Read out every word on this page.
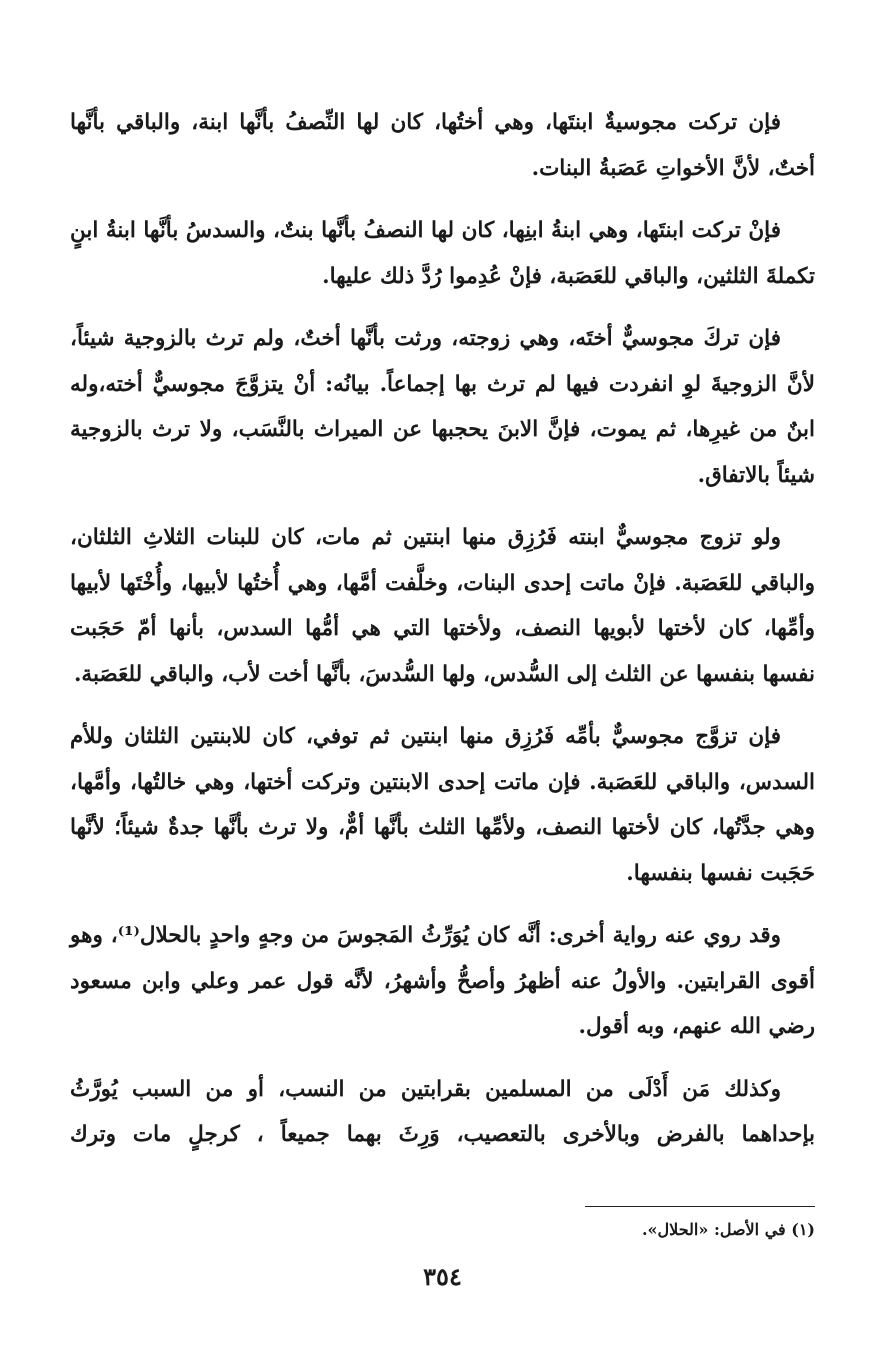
فإن تركت مجوسيةٌ ابنتَها، وهي أختُها، كان لها النِّصفُ بأنَّها ابنة، والباقي بأنَّها أختٌ، لأنَّ الأخواتِ عَصَبةُ البنات.

فإنْ تركت ابنتَها، وهي ابنةُ ابنِها، كان لها النصفُ بأنَّها بنتٌ، والسدسُ بأنَّها ابنةُ ابنٍ تكملةَ الثلثين، والباقي للعَصَبة، فإنْ عُدِموا رُدَّ ذلك عليها.

فإن تركَ مجوسيٌّ أختَه، وهي زوجته، ورثت بأنَّها أختٌ، ولم ترث بالزوجية شيئاً، لأنَّ الزوجيةَ لوِ انفردت فيها لم ترث بها إجماعاً. بيانُه: أنْ يتزوَّجَ مجوسيٌّ أخته،وله ابنٌ من غيرِها، ثم يموت، فإنَّ الابنَ يحجبها عن الميراث بالنَّسَب، ولا ترث بالزوجية شيئاً بالاتفاق.

ولو تزوج مجوسيٌّ ابنته فَرُزِق منها ابنتين ثم مات، كان للبنات الثلاثِ الثلثان، والباقي للعَصَبة. فإنْ ماتت إحدى البنات، وخلَّفت أمَّها، وهي أُختُها لأبيها، وأُخْتَها لأبيها وأمِّها، كان لأختها لأبويها النصف، ولأختها التي هي أمُّها السدس، بأنها أمّ حَجَبت نفسها بنفسها عن الثلث إلى السُّدس، ولها السُّدسَ، بأنَّها أخت لأب، والباقي للعَصَبة.

فإن تزوَّج مجوسيٌّ بأمِّه فَرُزِق منها ابنتين ثم توفي، كان للابنتين الثلثان وللأم السدس، والباقي للعَصَبة. فإن ماتت إحدى الابنتين وتركت أختها، وهي خالتُها، وأمَّها، وهي جدَّتُها، كان لأختها النصف، ولأمِّها الثلث بأنَّها أمٌّ، ولا ترث بأنَّها جدةٌ شيئاً؛ لأنَّها حَجَبت نفسها بنفسها.

وقد روي عنه رواية أخرى: أنَّه كان يُوَرِّثُ المَجوسَ من وجهٍ واحدٍ بالحلال⁽¹⁾، وهو أقوى القرابتين. والأولُ عنه أظهرُ وأصحُّ وأشهرُ، لأنَّه قول عمر وعلي وابن مسعود رضي الله عنهم، وبه أقول.

وكذلك مَن أَدْلَى من المسلمين بقرابتين من النسب، أو من السبب يُورَّثُ بإحداهما بالفرض وبالأخرى بالتعصيب، وَرِثَ بهما جميعاً ، كرجلٍ مات وترك

(١) في الأصل: «الحلال».

٣٥٤
